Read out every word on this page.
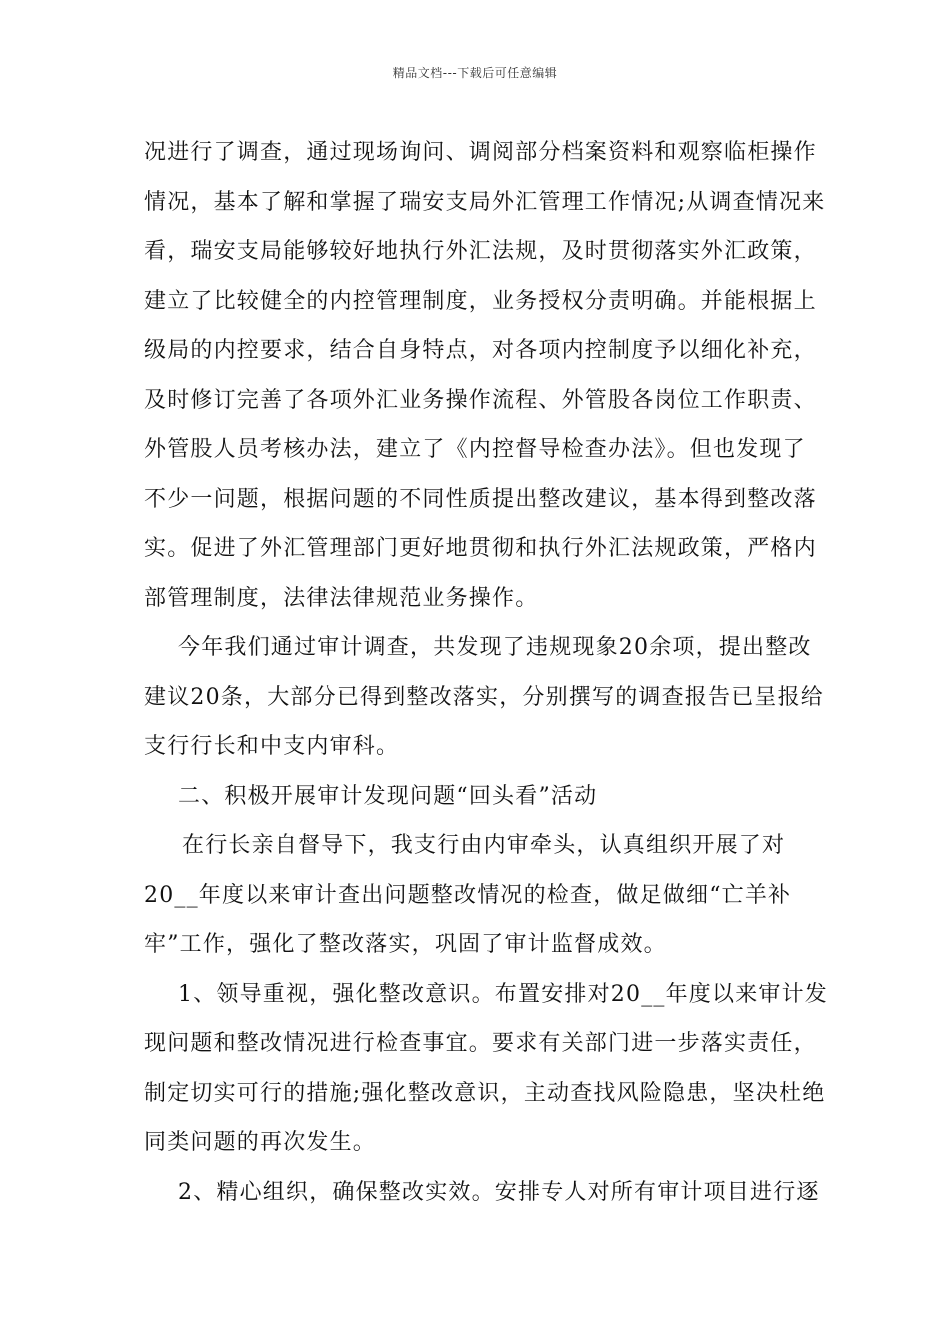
精品文档---下载后可任意编辑
况进行了调查，通过现场询问、调阅部分档案资料和观察临柜操作
情况，基本了解和掌握了瑞安支局外汇管理工作情况;从调查情况来
看，瑞安支局能够较好地执行外汇法规，及时贯彻落实外汇政策，
建立了比较健全的内控管理制度，业务授权分责明确。并能根据上
级局的内控要求，结合自身特点，对各项内控制度予以细化补充，
及时修订完善了各项外汇业务操作流程、外管股各岗位工作职责、
外管股人员考核办法，建立了《内控督导检查办法》。但也发现了
不少一问题，根据问题的不同性质提出整改建议，基本得到整改落
实。促进了外汇管理部门更好地贯彻和执行外汇法规政策，严格内
部管理制度，法律法律规范业务操作。
今年我们通过审计调查，共发现了违规现象20余项，提出整改
建议20条，大部分已得到整改落实，分别撰写的调查报告已呈报给
支行行长和中支内审科。
二、积极开展审计发现问题“回头看”活动
在行长亲自督导下，我支行由内审牵头，认真组织开展了对
20__年度以来审计查出问题整改情况的检查，做足做细“亡羊补
牢”工作，强化了整改落实，巩固了审计监督成效。
1、领导重视，强化整改意识。布置安排对20__年度以来审计发
现问题和整改情况进行检查事宜。要求有关部门进一步落实责任，
制定切实可行的措施;强化整改意识，主动查找风险隐患，坚决杜绝
同类问题的再次发生。
2、精心组织，确保整改实效。安排专人对所有审计项目进行逐
